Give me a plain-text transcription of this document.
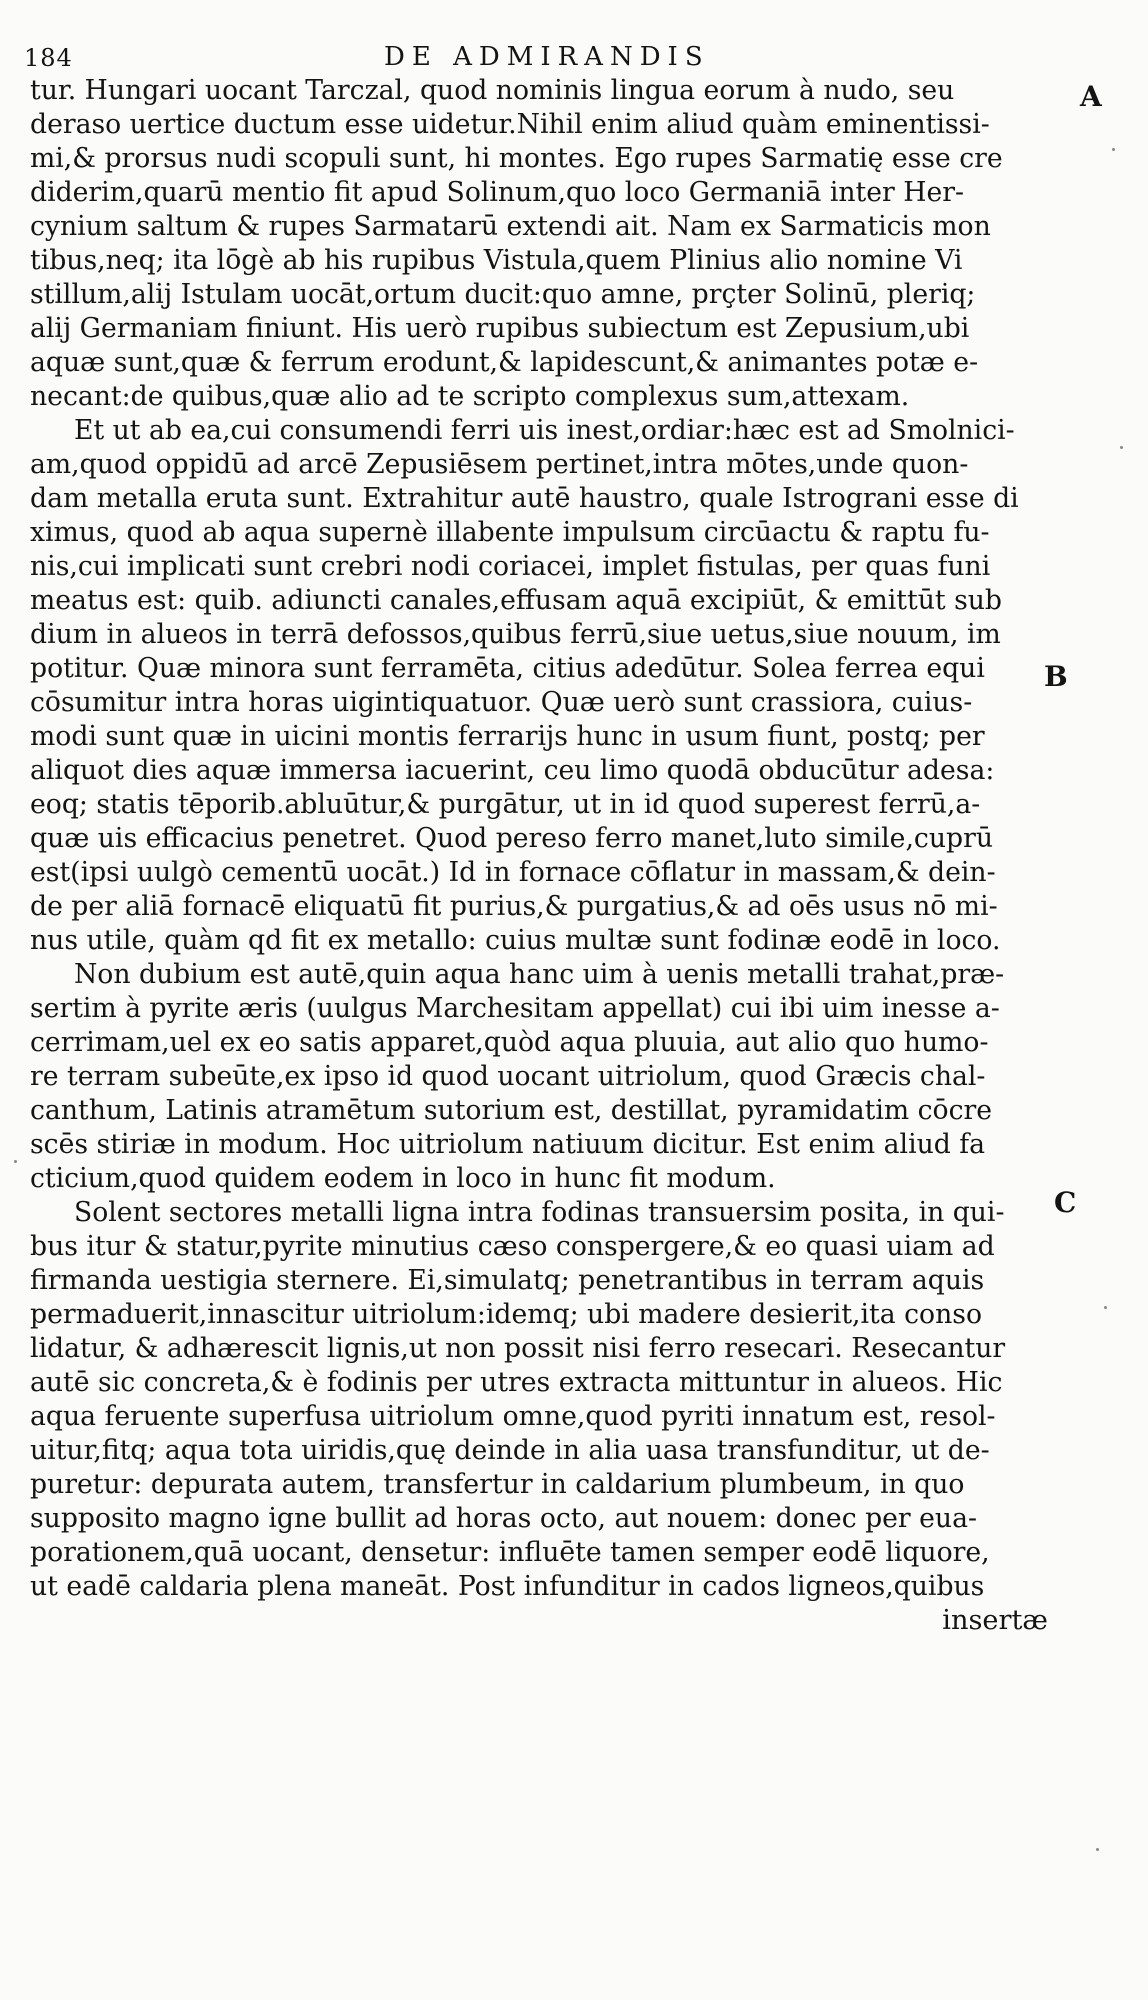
184	DE ADMIRANDIS
A
B
C
tur. Hungari uocant Tarczal, quod nominis lingua eorum à nudo, seu
deraso uertice ductum esse uidetur.Nihil enim aliud quàm eminentissi-
mi,& prorsus nudi scopuli sunt, hi montes. Ego rupes Sarmatię esse cre
diderim,quarū mentio fit apud Solinum,quo loco Germaniā inter Her-
cynium saltum & rupes Sarmatarū extendi ait. Nam ex Sarmaticis mon
tibus,neq; ita lōgè ab his rupibus Vistula,quem Plinius alio nomine Vi
stillum,alij Istulam uocāt,ortum ducit:quo amne, prçter Solinū, pleriq;
alij Germaniam finiunt. His uerò rupibus subiectum est Zepusium,ubi
aquæ sunt,quæ & ferrum erodunt,& lapidescunt,& animantes potæ e-
necant:de quibus,quæ alio ad te scripto complexus sum,attexam.
Et ut ab ea,cui consumendi ferri uis inest,ordiar:hæc est ad Smolnici-
am,quod oppidū ad arcē Zepusiēsem pertinet,intra mōtes,unde quon-
dam metalla eruta sunt. Extrahitur autē haustro, quale Istrograni esse di
ximus, quod ab aqua supernè illabente impulsum circūactu & raptu fu-
nis,cui implicati sunt crebri nodi coriacei, implet fistulas, per quas funi
meatus est: quib. adiuncti canales,effusam aquā excipiūt, & emittūt sub
dium in alueos in terrā defossos,quibus ferrū,siue uetus,siue nouum, im
potitur. Quæ minora sunt ferramēta, citius adedūtur. Solea ferrea equi
cōsumitur intra horas uigintiquatuor. Quæ uerò sunt crassiora, cuius-
modi sunt quæ in uicini montis ferrarijs hunc in usum fiunt, postq; per
aliquot dies aquæ immersa iacuerint, ceu limo quodā obducūtur adesa:
eoq; statis tēporib.abluūtur,& purgātur, ut in id quod superest ferrū,a-
quæ uis efficacius penetret. Quod pereso ferro manet,luto simile,cuprū
est(ipsi uulgò cementū uocāt.) Id in fornace cōflatur in massam,& dein-
de per aliā fornacē eliquatū fit purius,& purgatius,& ad oēs usus nō mi-
nus utile, quàm qd fit ex metallo: cuius multæ sunt fodinæ eodē in loco.
Non dubium est autē,quin aqua hanc uim à uenis metalli trahat,præ-
sertim à pyrite æris (uulgus Marchesitam appellat) cui ibi uim inesse a-
cerrimam,uel ex eo satis apparet,quòd aqua pluuia, aut alio quo humo-
re terram subeūte,ex ipso id quod uocant uitriolum, quod Græcis chal-
canthum, Latinis atramētum sutorium est, destillat, pyramidatim cōcre
scēs stiriæ in modum. Hoc uitriolum natiuum dicitur. Est enim aliud fa
cticium,quod quidem eodem in loco in hunc fit modum.
Solent sectores metalli ligna intra fodinas transuersim posita, in qui-
bus itur & statur,pyrite minutius cæso conspergere,& eo quasi uiam ad
firmanda uestigia sternere. Ei,simulatq; penetrantibus in terram aquis
permaduerit,innascitur uitriolum:idemq; ubi madere desierit,ita conso
lidatur, & adhærescit lignis,ut non possit nisi ferro resecari. Resecantur
autē sic concreta,& è fodinis per utres extracta mittuntur in alueos. Hic
aqua feruente superfusa uitriolum omne,quod pyriti innatum est, resol-
uitur,fitq; aqua tota uiridis,quę deinde in alia uasa transfunditur, ut de-
puretur: depurata autem, transfertur in caldarium plumbeum, in quo
supposito magno igne bullit ad horas octo, aut nouem: donec per eua-
porationem,quā uocant, densetur: influēte tamen semper eodē liquore,
ut eadē caldaria plena maneāt. Post infunditur in cados ligneos,quibus
insertæ
